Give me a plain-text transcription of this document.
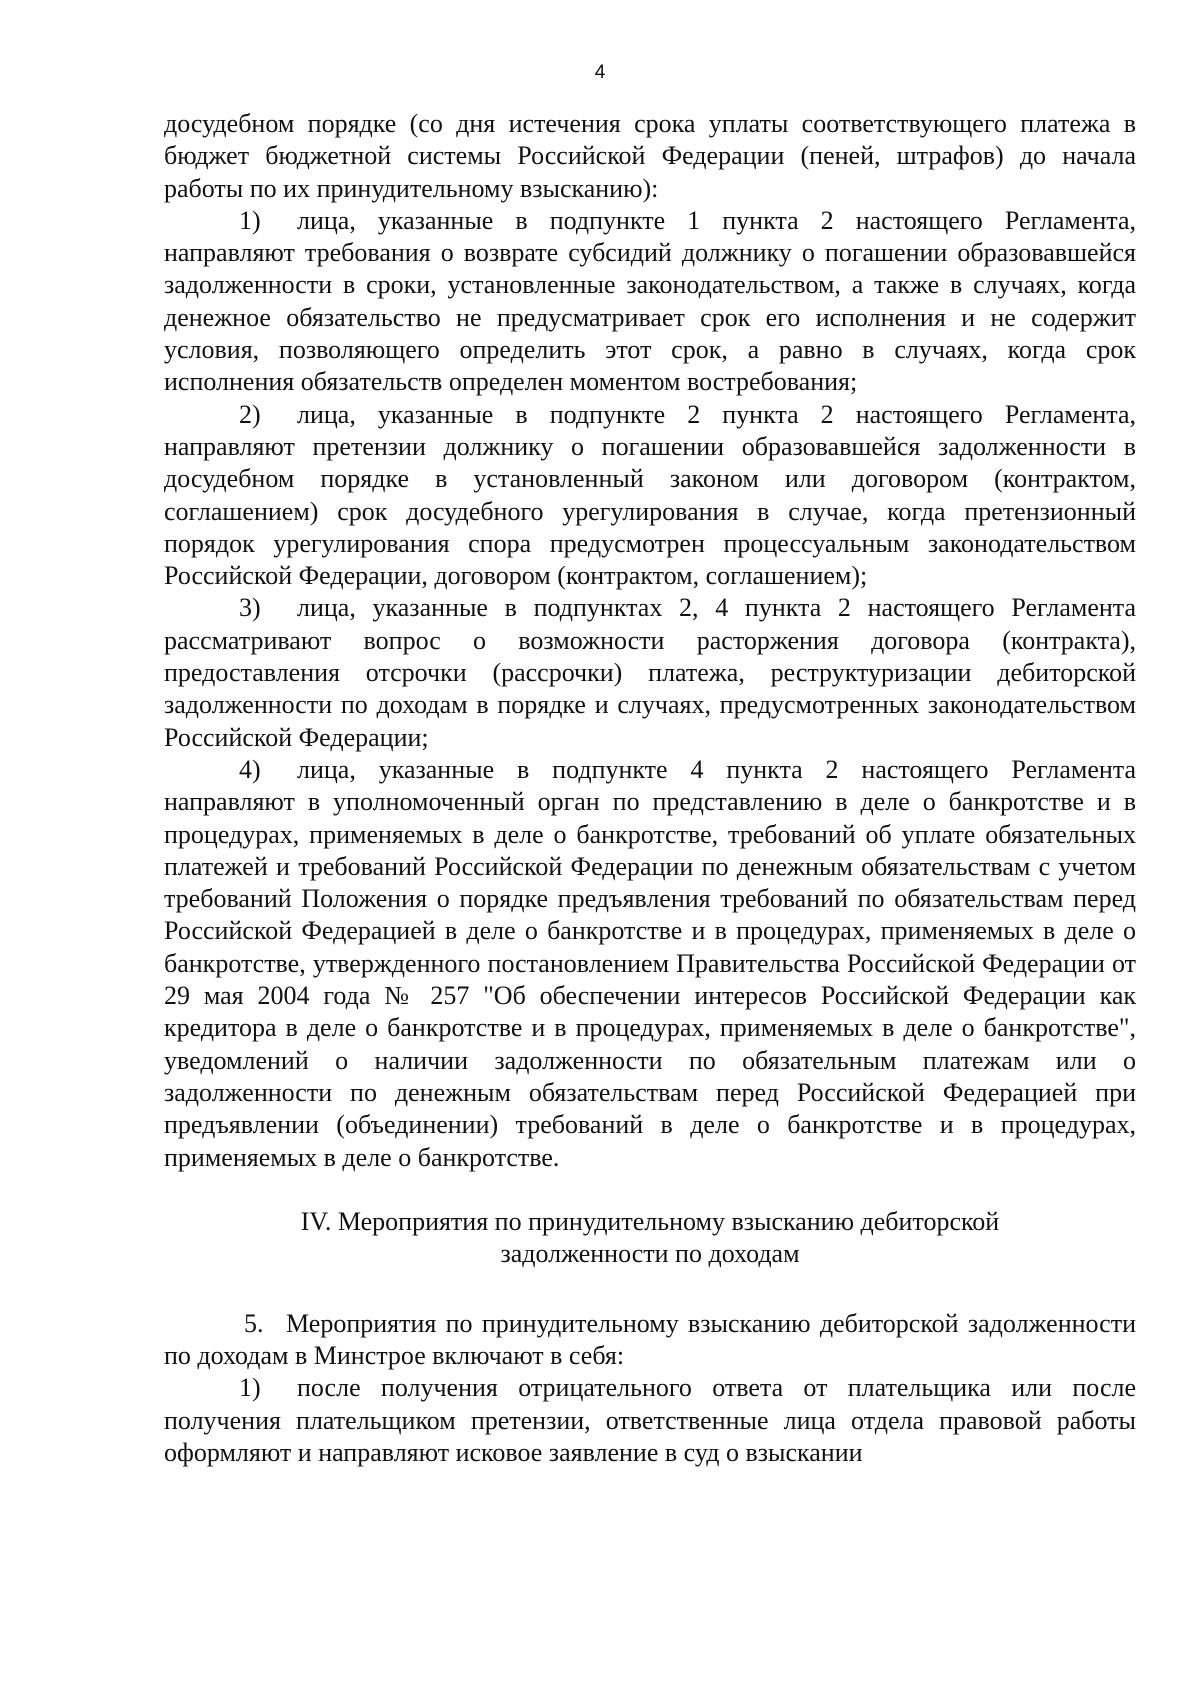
4

досудебном порядке (со дня истечения срока уплаты соответствующего платежа в бюджет бюджетной системы Российской Федерации (пеней, штрафов) до начала работы по их принудительному взысканию):

1) лица, указанные в подпункте 1 пункта 2 настоящего Регламента, направляют требования о возврате субсидий должнику о погашении образовавшейся задолженности в сроки, установленные законодательством, а также в случаях, когда денежное обязательство не предусматривает срок его исполнения и не содержит условия, позволяющего определить этот срок, а равно в случаях, когда срок исполнения обязательств определен моментом востребования;

2) лица, указанные в подпункте 2 пункта 2 настоящего Регламента, направляют претензии должнику о погашении образовавшейся задолженности в досудебном порядке в установленный законом или договором (контрактом, соглашением) срок досудебного урегулирования в случае, когда претензионный порядок урегулирования спора предусмотрен процессуальным законодательством Российской Федерации, договором (контрактом, соглашением);

3) лица, указанные в подпунктах 2, 4 пункта 2 настоящего Регламента рассматривают вопрос о возможности расторжения договора (контракта), предоставления отсрочки (рассрочки) платежа, реструктуризации дебиторской задолженности по доходам в порядке и случаях, предусмотренных законодательством Российской Федерации;

4) лица, указанные в подпункте 4 пункта 2 настоящего Регламента направляют в уполномоченный орган по представлению в деле о банкротстве и в процедурах, применяемых в деле о банкротстве, требований об уплате обязательных платежей и требований Российской Федерации по денежным обязательствам с учетом требований Положения о порядке предъявления требований по обязательствам перед Российской Федерацией в деле о банкротстве и в процедурах, применяемых в деле о банкротстве, утвержденного постановлением Правительства Российской Федерации от 29 мая 2004 года № 257 "Об обеспечении интересов Российской Федерации как кредитора в деле о банкротстве и в процедурах, применяемых в деле о банкротстве", уведомлений о наличии задолженности по обязательным платежам или о задолженности по денежным обязательствам перед Российской Федерацией при предъявлении (объединении) требований в деле о банкротстве и в процедурах, применяемых в деле о банкротстве.

IV. Мероприятия по принудительному взысканию дебиторской
задолженности по доходам

5. Мероприятия по принудительному взысканию дебиторской задолженности по доходам в Минстрое включают в себя:

1) после получения отрицательного ответа от плательщика или после получения плательщиком претензии, ответственные лица отдела правовой работы оформляют и направляют исковое заявление в суд о взыскании
